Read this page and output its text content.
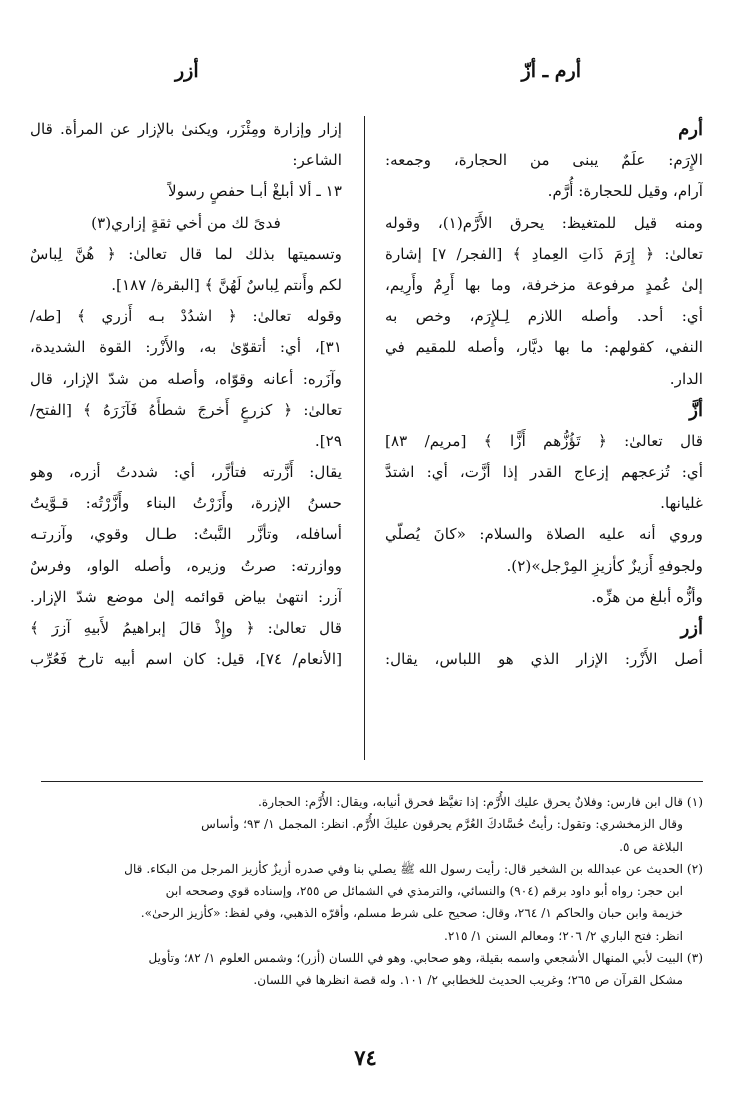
أرم ـ أزّ
أزر
أرم
الإِرَم: علَمٌ يبنى من الحجارة، وجمعه:
آرام، وقيل للحجارة: أُرَّم.
ومنه قيل للمتغيظ: يحرق الأَرَّم(١)، وقوله
تعالىٰ: ﴿ إِرَمَ ذَاتِ العِمادِ ﴾ [الفجر/ ٧] إشارة
إلىٰ عُمدٍ مرفوعة مزخرفة، وما بها أَرِمٌ وأَرِيم،
أي: أحد. وأصله اللازم لِـلإِرَم، وخص به
النفي، كقولهم: ما بها ديَّار، وأصله للمقيم في
الدار.
أزَّ
قال تعالىٰ: ﴿ تَؤُزُّهم أَزًّا ﴾ [مريم/ ٨٣]
أي: تُزعجهم إزعاج القدر إذا أزَّت، أي: اشتدَّ
غليانها.
وروي أنه عليه الصلاة والسلام: «كانَ يُصلّي
ولجوفهِ أَزيزٌ كأزيزِ المِرْجل»(٢).
وأزُّه أبلغ من هزِّه.
أزر
أصل الأَزْر: الإزار الذي هو اللباس، يقال:
إزار وإزارة ومِئْزَر، ويكنىٰ بالإزار عن المرأة. قال
الشاعر:
١٣ ـ ألا أبلغْ أبـا حفصٍ رسولاً
فدىً لك من أخي ثقةٍ إزاري(٣)
وتسميتها بذلك لما قال تعالىٰ: ﴿ هُنَّ لِباسٌ
لكم وأَنتم لِباسٌ لَهُنَّ ﴾ [البقرة/ ١٨٧].
وقوله تعالىٰ: ﴿ اشدُدْ بـه أَزري ﴾ [طه/
٣١]، أي: أتقوّىٰ به، والأَزْر: القوة الشديدة،
وآزَره: أعانه وقوّاه، وأصله من شدّ الإزار، قال
تعالىٰ: ﴿ كزرعٍ أَخرجَ شطأَهُ فَآزَرَهُ ﴾ [الفتح/
٢٩].
يقال: أَزَّرته فتأزَّر، أي: شددتُ أزره، وهو
حسنُ الإزرة، وأَزَرْتُ البناء وأَزَّرْتُه: قـوَّيتُ
أسافله، وتأزَّر النَّبتُ: طـال وقوي، وآزرتـه
ووازرته: صرتُ وزيره، وأصله الواو، وفرسٌ
آزر: انتهىٰ بياض قوائمه إلىٰ موضع شدّ الإزار.
قال تعالىٰ: ﴿ وإِذْ قالَ إبراهيمُ لأَبيهِ آزرَ ﴾
[الأنعام/ ٧٤]، قيل: كان اسم أبيه تارخ فَعُرِّب
(١) قال ابن فارس: وفلانٌ يحرق عليك الأُرَّم: إذا تغيَّظ فحرق أنيابه، ويقال: الأُرَّم: الحجارة.
وقال الزمخشري: وتقول: رأيتُ حُسَّادكَ العُرَّم يحرقون عليكَ الأُرَّم. انظر: المجمل ١/ ٩٣؛ وأساس
البلاغة ص ٥.
(٢) الحديث عن عبدالله بن الشخير قال: رأيت رسول الله ﷺ يصلي بنا وفي صدره أزيزٌ كأزيز المرجل من البكاء. قال
ابن حجر: رواه أبو داود برقم (٩٠٤) والنسائي، والترمذي في الشمائل ص ٢٥٥، وإسناده قوي وصححه ابن
خزيمة وابن حبان والحاكم ١/ ٢٦٤، وقال: صحيح على شرط مسلم، وأقرّه الذهبي، وفي لفظ: «كأزيز الرحىٰ».
انظر: فتح الباري ٢/ ٢٠٦؛ ومعالم السنن ١/ ٢١٥.
(٣) البيت لأبي المنهال الأشجعي واسمه بقيلة، وهو صحابي. وهو في اللسان (أزر)؛ وشمس العلوم ١/ ٨٢؛ وتأويل
مشكل القرآن ص ٢٦٥؛ وغريب الحديث للخطابي ٢/ ١٠١. وله قصة انظرها في اللسان.
٧٤
